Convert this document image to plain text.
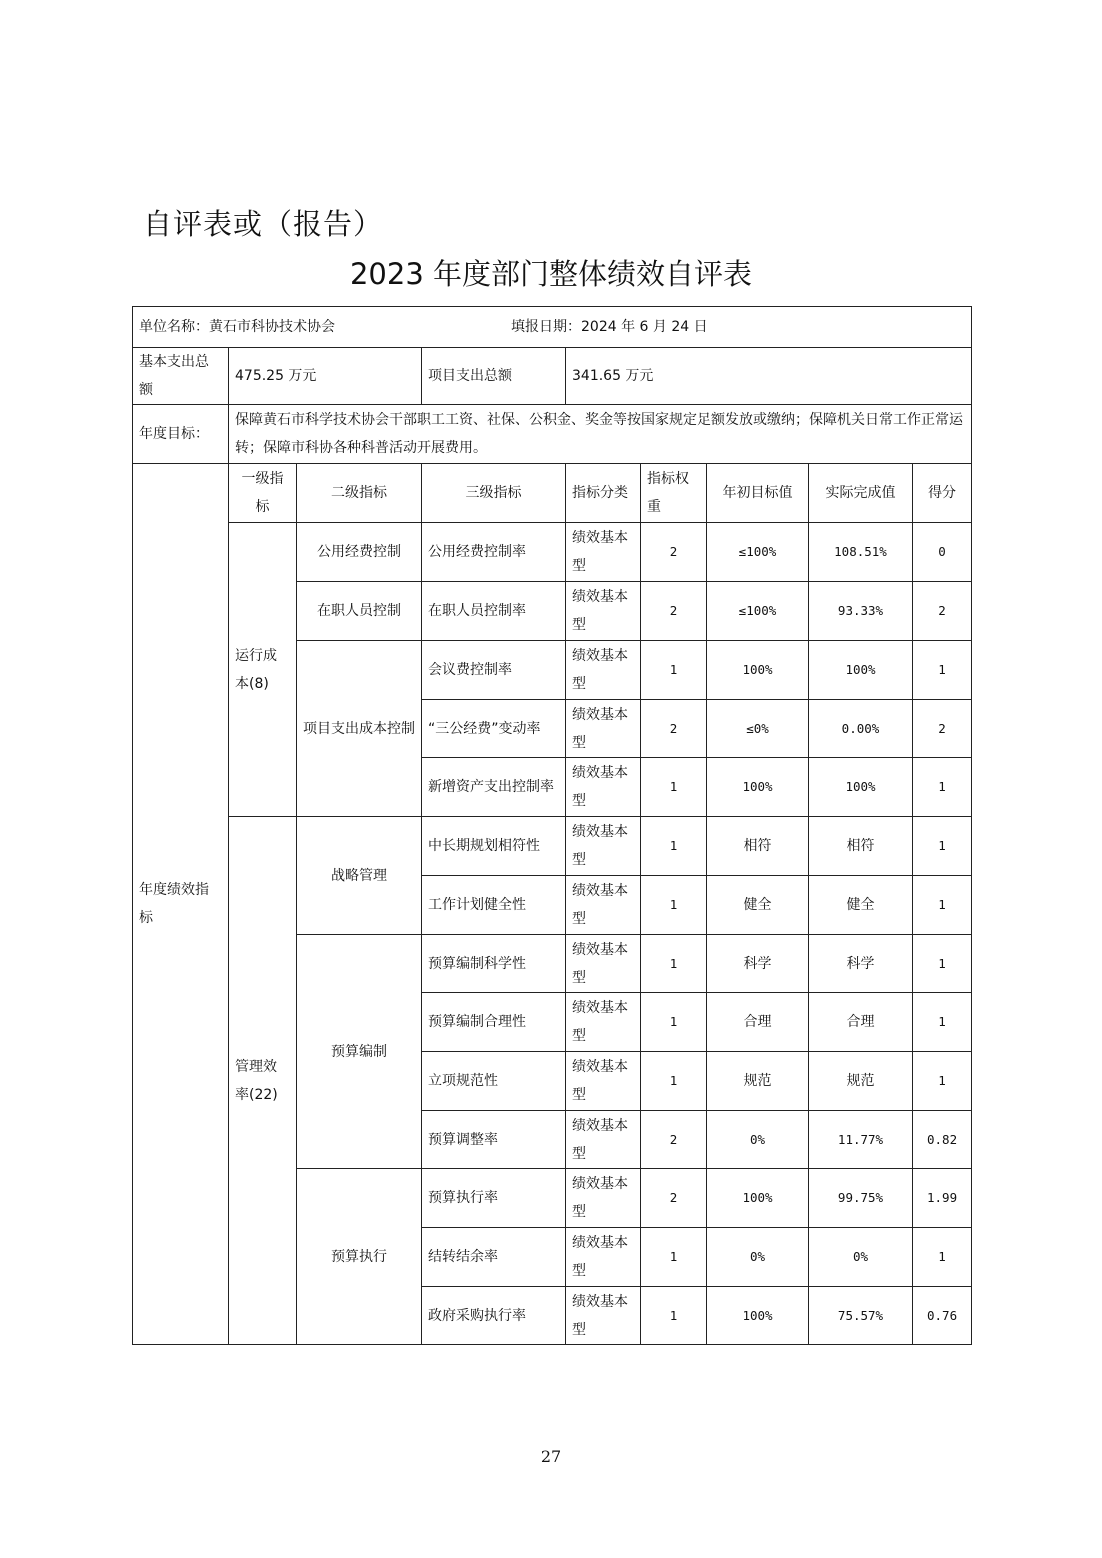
自评表或（报告）
2023 年度部门整体绩效自评表
单位名称：黄石市科协技术协会 填报日期：2024 年 6 月 24 日								
基本支出总额	475.25 万元		项目支出总额	341.65 万元				
年度目标：	保障黄石市科学技术协会干部职工工资、社保、公积金、奖金等按国家规定足额发放或缴纳；保障机关日常工作正常运转；保障市科协各种科普活动开展费用。							
年度绩效指标	一级指标	二级指标	三级指标	指标分类	指标权重	年初目标值	实际完成值	得分
	运行成本(8)	公用经费控制	公用经费控制率	绩效基本型	2	≤100%	108.51%	0
		在职人员控制	在职人员控制率	绩效基本型	2	≤100%	93.33%	2
		项目支出成本控制	会议费控制率	绩效基本型	1	100%	100%	1
			“三公经费”变动率	绩效基本型	2	≤0%	0.00%	2
			新增资产支出控制率	绩效基本型	1	100%	100%	1
	管理效率(22)	战略管理	中长期规划相符性	绩效基本型	1	相符	相符	1
			工作计划健全性	绩效基本型	1	健全	健全	1
		预算编制	预算编制科学性	绩效基本型	1	科学	科学	1
			预算编制合理性	绩效基本型	1	合理	合理	1
			立项规范性	绩效基本型	1	规范	规范	1
			预算调整率	绩效基本型	2	0%	11.77%	0.82
		预算执行	预算执行率	绩效基本型	2	100%	99.75%	1.99
			结转结余率	绩效基本型	1	0%	0%	1
			政府采购执行率	绩效基本型	1	100%	75.57%	0.76
27
